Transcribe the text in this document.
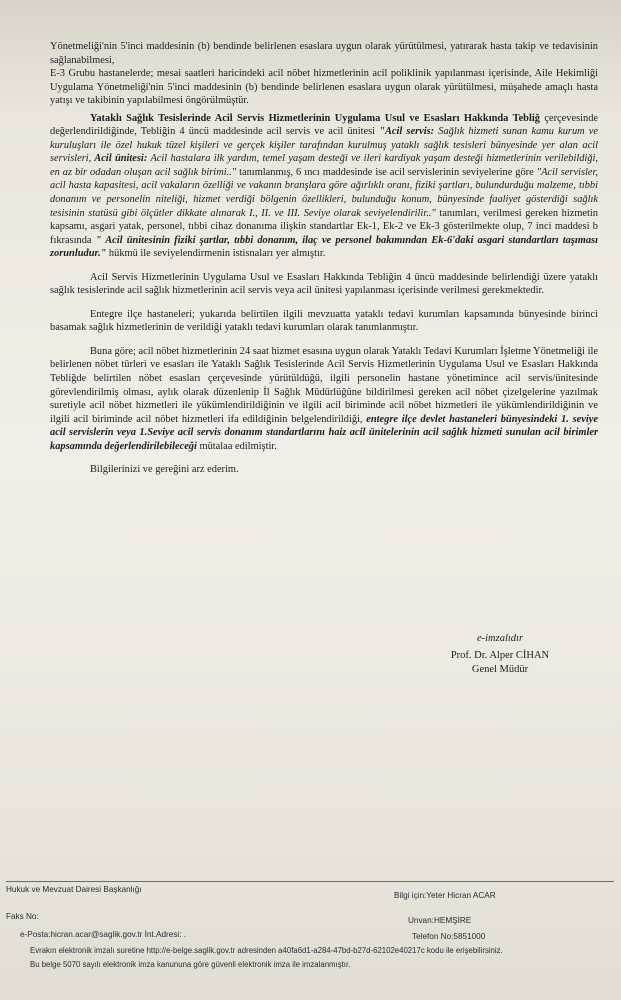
Yönetmeliği'nin 5'inci maddesinin (b) bendinde belirlenen esaslara uygun olarak yürütülmesi, yatırarak hasta takip ve tedavisinin sağlanabilmesi,

E-3 Grubu hastanelerde; mesai saatleri haricindeki acil nöbet hizmetlerinin acil poliklinik yapılanması içerisinde, Aile Hekimliği Uygulama Yönetmeliği'nin 5'inci maddesinin (b) bendinde belirlenen esaslara uygun olarak yürütülmesi, müşahede amaçlı hasta yatışı ve takibinin yapılabilmesi öngörülmüştür.

Yataklı Sağlık Tesislerinde Acil Servis Hizmetlerinin Uygulama Usul ve Esasları Hakkında Tebliğ çerçevesinde değerlendirildiğinde, Tebliğin 4 üncü maddesinde acil servis ve acil ünitesi "Acil servis: Sağlık hizmeti sunan kamu kurum ve kuruluşları ile özel hukuk tüzel kişileri ve gerçek kişiler tarafından kurulmuş yataklı sağlık tesisleri bünyesinde yer alan acil servisleri, Acil ünitesi: Acil hastalara ilk yardım, temel yaşam desteği ve ileri kardiyak yaşam desteği hizmetlerinin verilebildiği, en az bir odadan oluşan acil sağlık birimi.." tanımlanmış, 6 ıncı maddesinde ise acil servislerinin seviyelerine göre "Acil servisler, acil hasta kapasitesi, acil vakaların özelliği ve vakanın branşlara göre ağırlıklı oranı, fiziki şartları, bulundurduğu malzeme, tıbbi donanım ve personelin niteliği, hizmet verdiği bölgenin özellikleri, bulunduğu konum, bünyesinde faaliyet gösterdiği sağlık tesisinin statüsü gibi ölçütler dikkate alınarak I., II. ve III. Seviye olarak seviyelendirilir.." tanımları, verilmesi gereken hizmetin kapsamı, asgari yatak, personel, tıbbi cihaz donanıma ilişkin standartlar Ek-1, Ek-2 ve Ek-3 gösterilmekte olup, 7 inci maddesi b fıkrasında " Acil ünitesinin fiziki şartlar, tıbbi donanım, ilaç ve personel bakımından Ek-6'daki asgari standartları taşıması zorunludur." hükmü ile seviyelendirmenin istisnaları yer almıştır.

Acil Servis Hizmetlerinin Uygulama Usul ve Esasları Hakkında Tebliğin 4 üncü maddesinde belirlendiği üzere yataklı sağlık tesislerinde acil sağlık hizmetlerinin acil servis veya acil ünitesi yapılanması içerisinde verilmesi gerekmektedir.

Entegre ilçe hastaneleri; yukarıda belirtilen ilgili mevzuatta yataklı tedavi kurumları kapsamında bünyesinde birinci basamak sağlık hizmetlerinin de verildiği yataklı tedavi kurumları olarak tanımlanmıştır.

Buna göre; acil nöbet hizmetlerinin 24 saat hizmet esasına uygun olarak Yataklı Tedavi Kurumları İşletme Yönetmeliği ile belirlenen nöbet türleri ve esasları ile Yataklı Sağlık Tesislerinde Acil Servis Hizmetlerinin Uygulama Usul ve Esasları Hakkında Tebliğde belirtilen nöbet esasları çerçevesinde yürütüldüğü, ilgili personelin hastane yönetimince acil servis/ünitesinde görevlendirilmiş olması, aylık olarak düzenlenip İl Sağlık Müdürlüğüne bildirilmesi gereken acil nöbet çizelgelerine yazılmak suretiyle acil nöbet hizmetleri ile yükümlendirildiğinin ve ilgili acil biriminde acil nöbet hizmetleri ile yükümlendirildiğinin ve ilgili acil biriminde acil nöbet hizmetleri ifa edildiğinin belgelendirildiği, entegre ilçe devlet hastaneleri bünyesindeki 1. seviye acil servislerin veya 1.Seviye acil servis donanım standartlarını haiz acil ünitelerinin acil sağlık hizmeti sunulan acil birimler kapsamında değerlendirilebileceği mütalaa edilmiştir.

Bilgilerinizi ve gereğini arz ederim.

e-imzalıdır
Prof. Dr. Alper CİHAN
Genel Müdür
Hukuk ve Mevzuat Dairesi Başkanlığı
Bilgi için:Yeter Hicran ACAR
Faks No:	Unvan:HEMŞİRE
e-Posta:hicran.acar@saglik.gov.tr İnt.Adresi: .	Telefon No:5851000
Evrakın elektronik imzalı suretine http://e-belge.saglik.gov.tr adresinden a40fa6d1-a284-47bd-b27d-62102e40217c kodu ile erişebilirsiniz.
Bu belge 5070 sayılı elektronik imza kanununa göre güvenli elektronik imza ile imzalanmıştır.
